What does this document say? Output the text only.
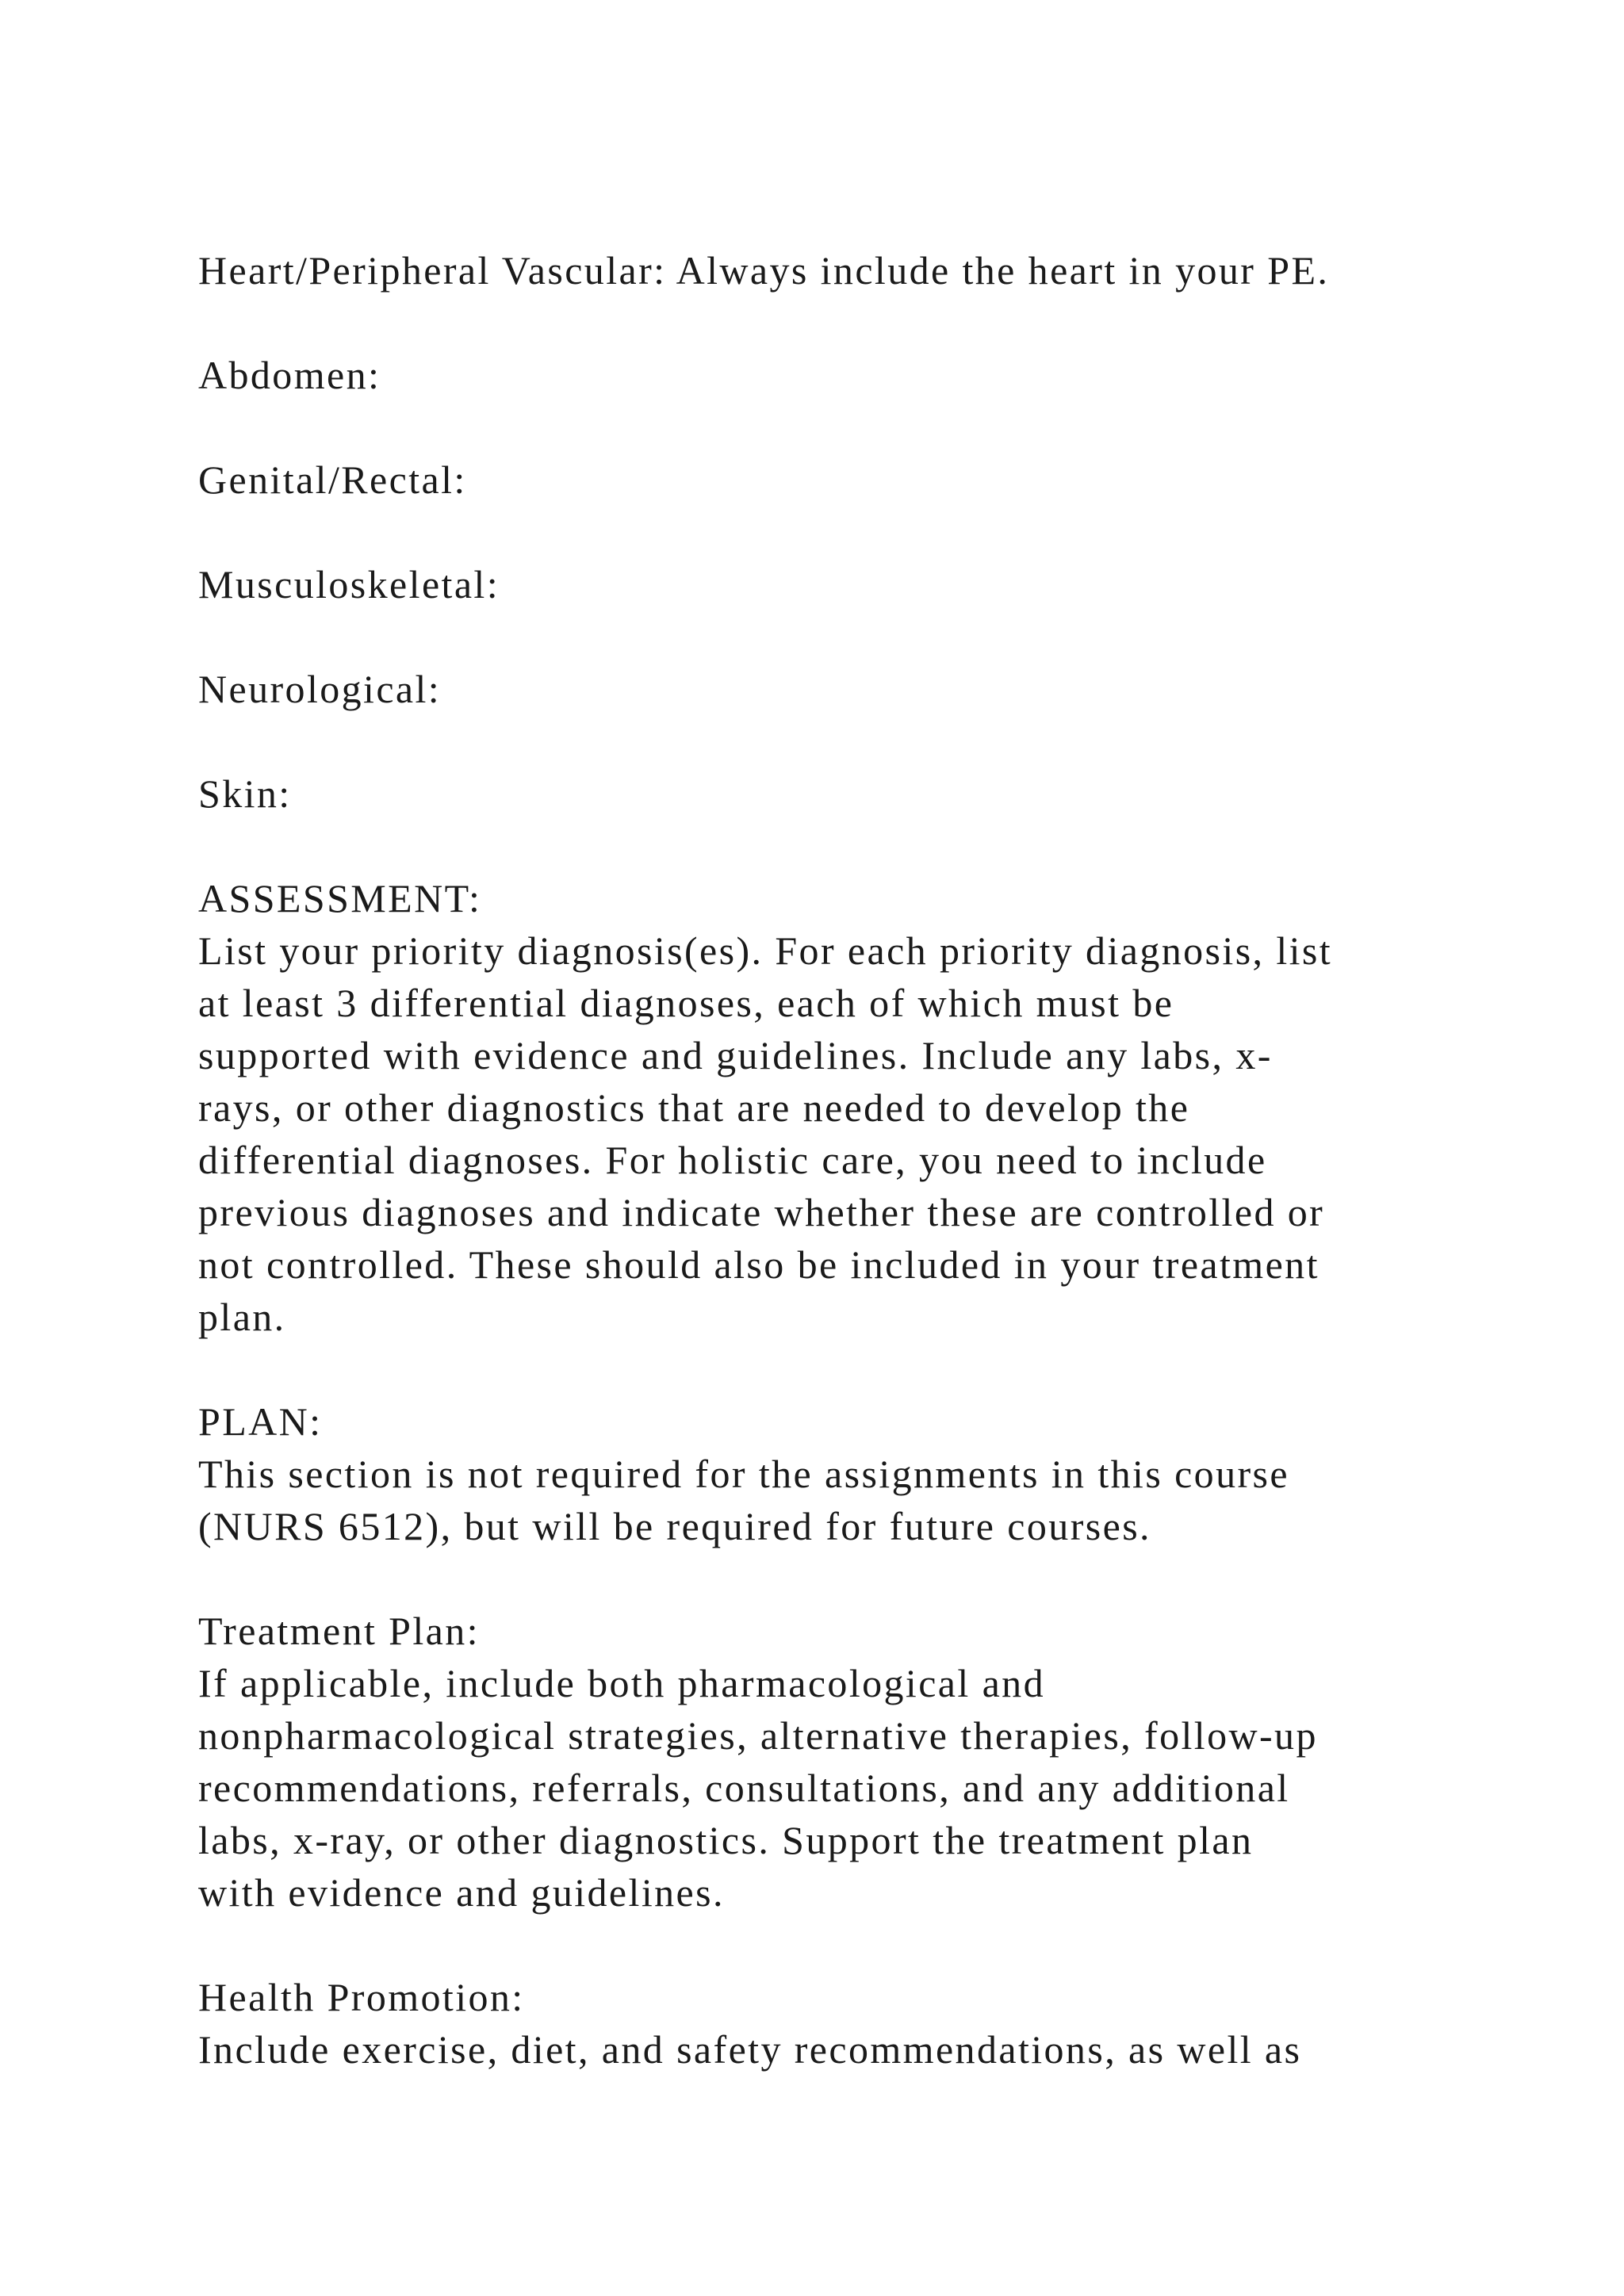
Heart/Peripheral Vascular: Always include the heart in your PE.
Abdomen:
Genital/Rectal:
Musculoskeletal:
Neurological:
Skin:
ASSESSMENT:
List your priority diagnosis(es). For each priority diagnosis, list
at least 3 differential diagnoses, each of which must be
supported with evidence and guidelines. Include any labs, x-
rays, or other diagnostics that are needed to develop the
differential diagnoses. For holistic care, you need to include
previous diagnoses and indicate whether these are controlled or
not controlled. These should also be included in your treatment
plan.
PLAN:
This section is not required for the assignments in this course
(NURS 6512), but will be required for future courses.
Treatment Plan:
If applicable, include both pharmacological and
nonpharmacological strategies, alternative therapies, follow-up
recommendations, referrals, consultations, and any additional
labs, x-ray, or other diagnostics. Support the treatment plan
with evidence and guidelines.
Health Promotion:
Include exercise, diet, and safety recommendations, as well as
